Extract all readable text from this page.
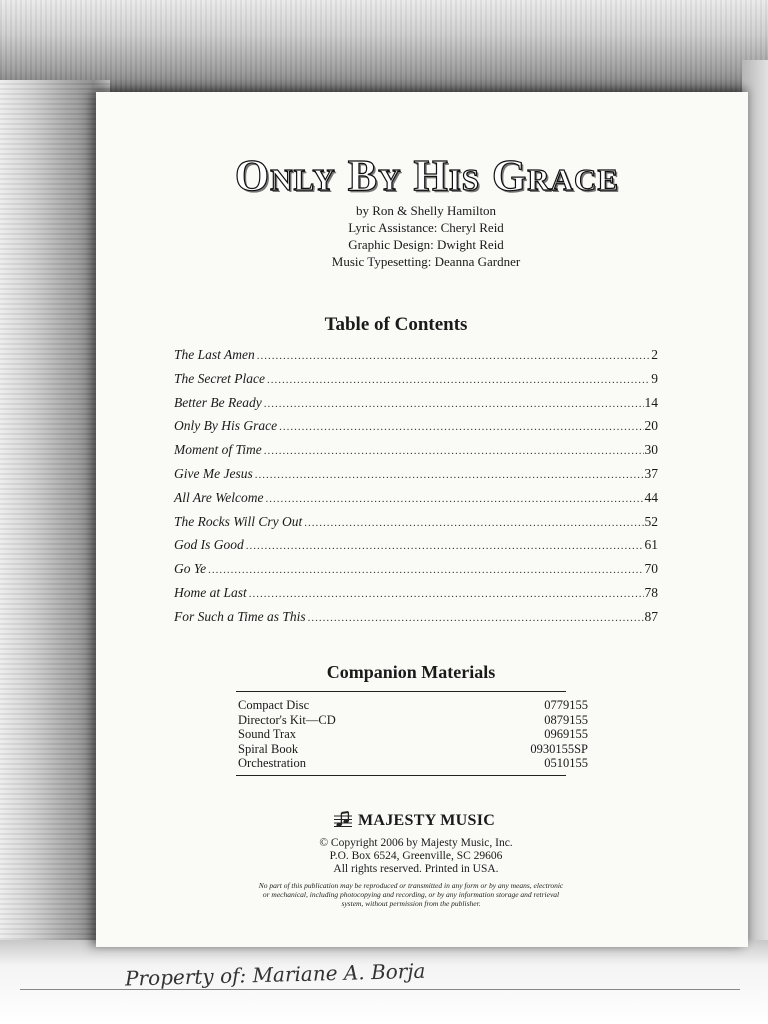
Only By His Grace
by Ron & Shelly Hamilton
Lyric Assistance: Cheryl Reid
Graphic Design: Dwight Reid
Music Typesetting: Deanna Gardner
Table of Contents
The Last Amen .....	2
The Secret Place .....	9
Better Be Ready .....	14
Only By His Grace .....	20
Moment of Time .....	30
Give Me Jesus .....	37
All Are Welcome .....	44
The Rocks Will Cry Out .....	52
God Is Good .....	61
Go Ye .....	70
Home at Last .....	78
For Such a Time as This .....	87
Companion Materials
Compact Disc	0779155
Director's Kit—CD	0879155
Sound Trax	0969155
Spiral Book	0930155SP
Orchestration	0510155
MAJESTY MUSIC
© Copyright 2006 by Majesty Music, Inc.
P.O. Box 6524, Greenville, SC 29606
All rights reserved. Printed in USA.
No part of this publication may be reproduced or transmitted in any form or by any means, electronic or mechanical, including photocopying and recording, or by any information storage and retrieval system, without permission from the publisher.
Property of: Mariane A. Borja
